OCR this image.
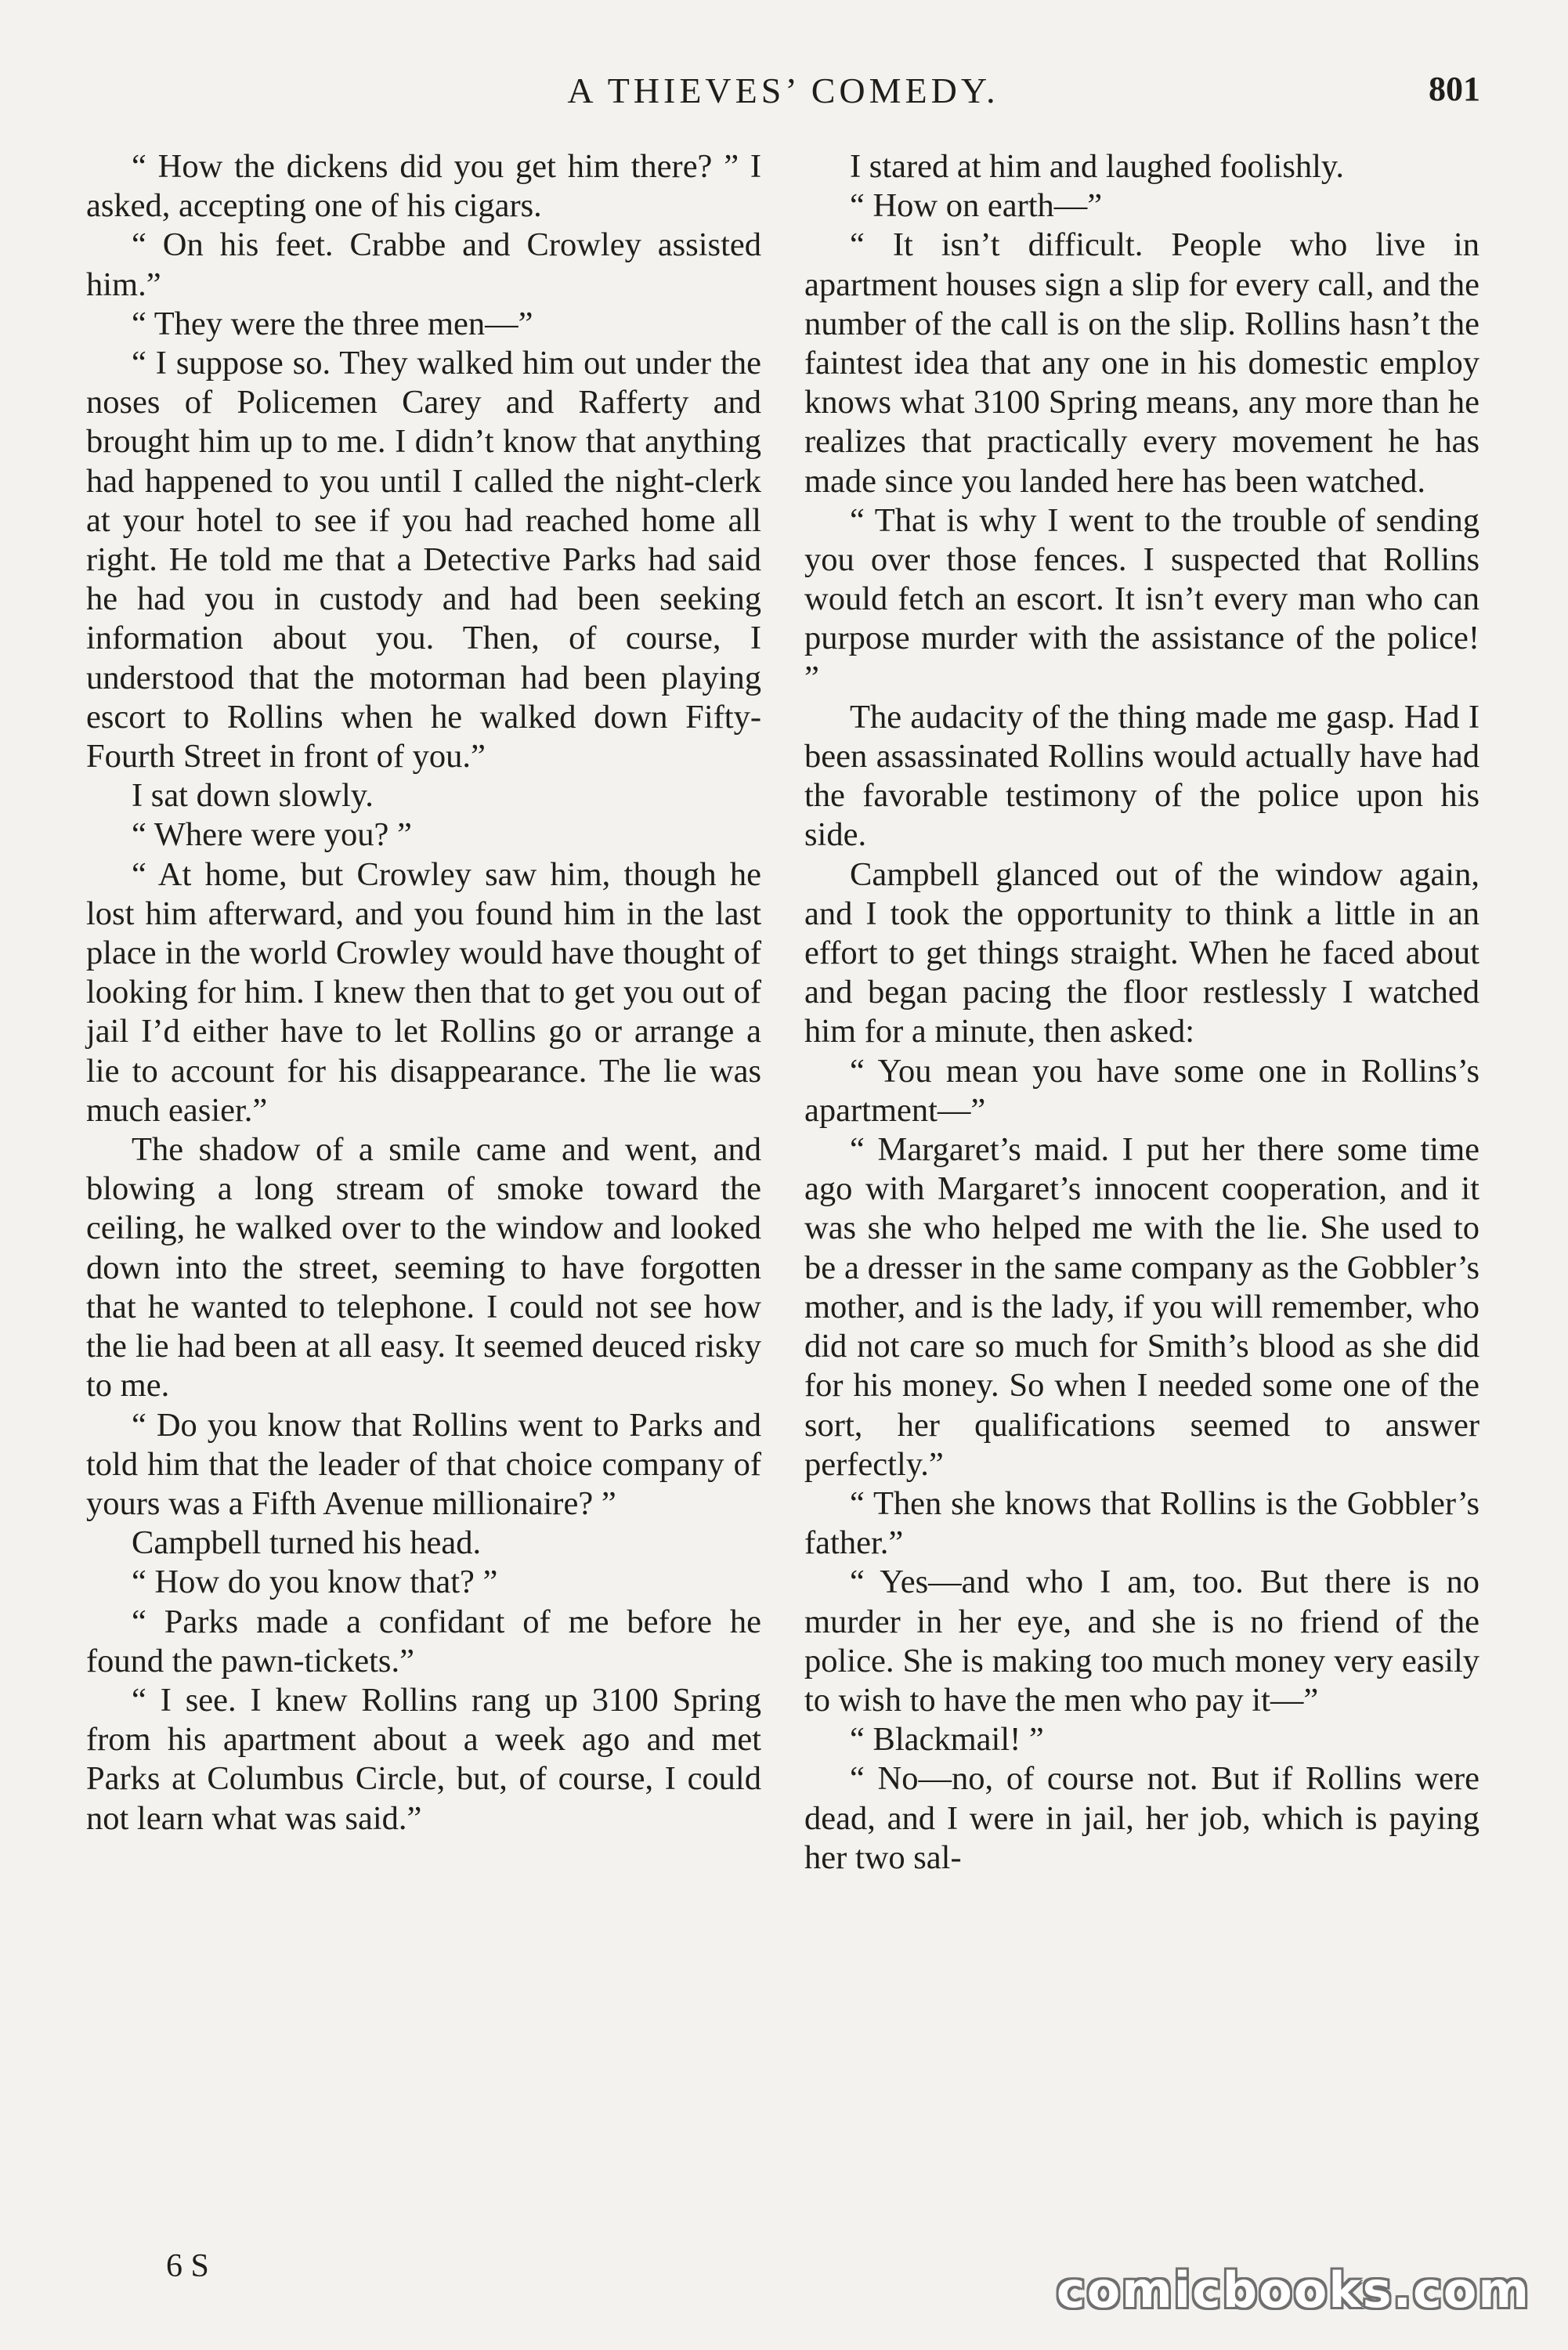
A THIEVES’ COMEDY.	801

“ How the dickens did you get him there? ” I asked, accepting one of his cigars.

“ On his feet. Crabbe and Crowley assisted him.”

“ They were the three men—”

“ I suppose so. They walked him out under the noses of Policemen Carey and Rafferty and brought him up to me. I didn’t know that anything had happened to you until I called the night-clerk at your hotel to see if you had reached home all right. He told me that a Detective Parks had said he had you in custody and had been seeking information about you. Then, of course, I understood that the motorman had been playing escort to Rollins when he walked down Fifty-Fourth Street in front of you.”

I sat down slowly.

“ Where were you? ”

“ At home, but Crowley saw him, though he lost him afterward, and you found him in the last place in the world Crowley would have thought of looking for him. I knew then that to get you out of jail I’d either have to let Rollins go or arrange a lie to account for his disappearance. The lie was much easier.”

The shadow of a smile came and went, and blowing a long stream of smoke toward the ceiling, he walked over to the window and looked down into the street, seeming to have forgotten that he wanted to telephone. I could not see how the lie had been at all easy. It seemed deuced risky to me.

“ Do you know that Rollins went to Parks and told him that the leader of that choice company of yours was a Fifth Avenue millionaire? ”

Campbell turned his head.

“ How do you know that? ”

“ Parks made a confidant of me before he found the pawn-tickets.”

“ I see. I knew Rollins rang up 3100 Spring from his apartment about a week ago and met Parks at Columbus Circle, but, of course, I could not learn what was said.”

I stared at him and laughed foolishly.

“ How on earth—”

“ It isn’t difficult. People who live in apartment houses sign a slip for every call, and the number of the call is on the slip. Rollins hasn’t the faintest idea that any one in his domestic employ knows what 3100 Spring means, any more than he realizes that practically every movement he has made since you landed here has been watched.

“ That is why I went to the trouble of sending you over those fences. I suspected that Rollins would fetch an escort. It isn’t every man who can purpose murder with the assistance of the police! ”

The audacity of the thing made me gasp. Had I been assassinated Rollins would actually have had the favorable testimony of the police upon his side.

Campbell glanced out of the window again, and I took the opportunity to think a little in an effort to get things straight. When he faced about and began pacing the floor restlessly I watched him for a minute, then asked:

“ You mean you have some one in Rollins’s apartment—”

“ Margaret’s maid. I put her there some time ago with Margaret’s innocent cooperation, and it was she who helped me with the lie. She used to be a dresser in the same company as the Gobbler’s mother, and is the lady, if you will remember, who did not care so much for Smith’s blood as she did for his money. So when I needed some one of the sort, her qualifications seemed to answer perfectly.”

“ Then she knows that Rollins is the Gobbler’s father.”

“ Yes—and who I am, too. But there is no murder in her eye, and she is no friend of the police. She is making too much money very easily to wish to have the men who pay it—”

“ Blackmail! ”

“ No—no, of course not. But if Rollins were dead, and I were in jail, her job, which is paying her two sal-

6 S	comicbooks.com
